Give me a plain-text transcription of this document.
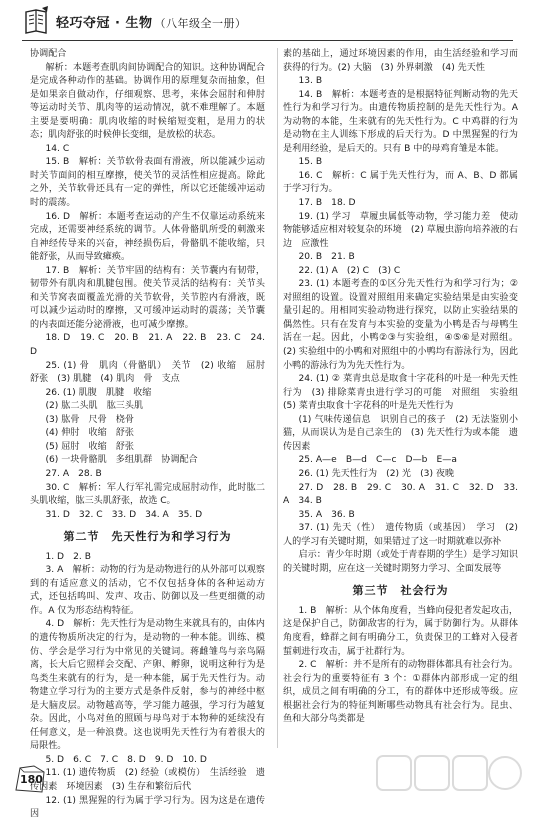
轻巧夺冠 · 生物 （八年级全一册）

协调配合

解析：本题考查肌肉间协调配合的知识。这种协调配合是完成各种动作的基础。协调作用的原理复杂而抽象，但是如果亲自做动作，仔细观察、思考，来体会屈肘和伸肘等运动时关节、肌肉等的运动情况，就不难理解了。本题主要是要明确：肌肉收缩的时候缩短变粗，是用力的状态；肌肉舒张的时候伸长变细，是放松的状态。

14. C

15. B　解析：关节软骨表面有滑液，所以能减少运动时关节面间的相互摩擦，使关节的灵活性相应提高。除此之外，关节软骨还具有一定的弹性，所以它还能缓冲运动时的震荡。

16. D　解析：本题考查运动的产生不仅靠运动系统来完成，还需要神经系统的调节。人体骨骼肌所受的刺激来自神经传导来的兴奋，神经损伤后，骨骼肌不能收缩，只能舒张，从而导致瘫痪。

17. B　解析：关节牢固的结构有：关节囊内有韧带，韧带外有肌肉和肌腱包围。使关节灵活的结构有：关节头和关节窝表面覆盖光滑的关节软骨，关节腔内有滑液，既可以减少运动时的摩擦，又可缓冲运动时的震荡；关节囊的内表面还能分泌滑液，也可减少摩擦。

18. D　19. C　20. B　21. A　22. B　23. C　24. D

25. (1) 骨　肌肉（骨骼肌）　关节　(2) 收缩　屈肘　舒张　(3) 肌腱　(4) 肌肉　骨　支点

26. (1) 肌腹　肌腱　收缩

(2) 肱二头肌　肱三头肌

(3) 肱骨　尺骨　桡骨

(4) 伸肘　收缩　舒张

(5) 屈肘　收缩　舒张

(6) 一块骨骼肌　多组肌群　协调配合

27. A　28. B

30. C　解析：军人行军礼需完成屈肘动作，此时肱二头肌收缩，肱三头肌舒张，故选 C。

31. D　32. C　33. D　34. A　35. D

第二节　先天性行为和学习行为

1. D　2. B

3. A　解析：动物的行为是动物进行的从外部可以观察到的有适应意义的活动，它不仅包括身体的各种运动方式，还包括鸣叫、发声、攻击、防御以及一些更细微的动作。A 仅为形态结构特征。

4. D　解析：先天性行为是动物生来就具有的，由体内的遗传物质所决定的行为，是动物的一种本能。训练、模仿、学会是学习行为中常见的关键词。蒋雌雏鸟与亲鸟隔离，长大后它照样会交配、产卵、孵卵，说明这种行为是鸟类生来就有的行为，是一种本能，属于先天性行为。动物建立学习行为的主要方式是条件反射，参与的神经中枢是大脑皮层。动物越高等，学习能力越强，学习行为越复杂。因此，小鸟对鱼的照顾与母鸟对于本物种的延续没有任何意义，是一种浪费。这也说明先天性行为有着很大的局限性。

5. D　6. C　7. C　8. D　9. D　10. D

11. (1) 遗传物质　(2) 经验（或模仿）　生活经验　遗传因素　环境因素　(3) 生存和繁衍后代

12. (1) 黑猩猩的行为属于学习行为。因为这是在遗传因

素的基础上，通过环境因素的作用，由生活经验和学习而获得的行为。(2) 大脑　(3) 外界刺激　(4) 先天性

13. B

14. B　解析：本题考查的是根据特征判断动物的先天性行为和学习行为。由遗传物质控制的是先天性行为。A 为动物的本能，生来就有的先天性行为。C 中鸡群的行为是动物在主人训练下形成的后天行为。D 中黑猩猩的行为是利用经验，是后天的。只有 B 中的母鸡育雏是本能。

15. B

16. C　解析：C 属于先天性行为，而 A、B、D 都属于学习行为。

17. B　18. D

19. (1) 学习　草履虫属低等动物，学习能力差　使动物能够适应相对较复杂的环境　(2) 草履虫游向培养液的右边　应激性

20. B　21. B

22. (1) A　(2) C　(3) C

23. (1) 本题考查的①区分先天性行为和学习行为；②对照组的设置。设置对照组用来确定实验结果是由实验变量引起的。用相同实验动物进行探究，以防止实验结果的偶然性。只有在发育与本实验的变量为小鸭是否与母鸭生活在一起。因此，小鸭②③与实验组，④⑤⑥是对照组。(2) 实验组中的小鸭和对照组中的小鸭均有游泳行为，因此小鸭的游泳行为为先天性行为。

24. (1) ② 菜青虫总是取食十字花科的叶是一种先天性行为　(3) 排除菜青虫进行学习的可能　对照组　实验组　(5) 菜青虫取食十字花科的叶是先天性行为

(1) 气味传递信息　识别自己的孩子　(2) 无法鉴别小猫，从而误认为是自己亲生的　(3) 先天性行为或本能　遗传因素

25. A—e　B—d　C—c　D—b　E—a

26. (1) 先天性行为　(2) 光　(3) 夜晚

27. D　28. B　29. C　30. A　31. C　32. D　33. A　34. B

35. A　36. B

37. (1) 先天（性）　遗传物质（或基因）　学习　(2) 人的学习有关键时期，如果错过了这一时期就难以弥补

启示：青少年时期（或处于青春期的学生）是学习知识的关键时期，应在这一关键时期努力学习、全面发展等

第三节　社会行为

1. B　解析：从个体角度看，当蜂向侵犯者发起攻击，这是保护自己，防御敌害的行为，属于防御行为。从群体角度看，蜂群之间有明确分工，负责保卫的工蜂对入侵者蜇刺进行攻击，属于社群行为。

2. C　解析：并不是所有的动物群体都具有社会行为。社会行为的重要特征有 3 个：①群体内部形成一定的组织，成员之间有明确的分工，有的群体中还形成等级。应根据社会行为的特征判断哪些动物具有社会行为。昆虫、鱼和大部分鸟类都是

180
